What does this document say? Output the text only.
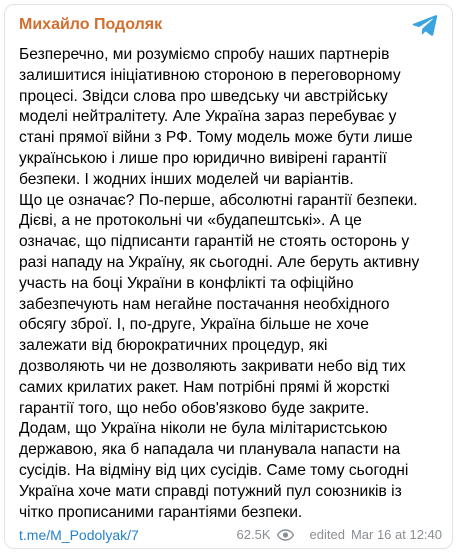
Михайло Подоляк
Безперечно, ми розуміємо спробу наших партнерів
залишитися ініціативною стороною в переговорному
процесі. Звідси слова про шведську чи австрійську
моделі нейтралітету. Але Україна зараз перебуває у
стані прямої війни з РФ. Тому модель може бути лише
українською і лише про юридично вивірені гарантії
безпеки. І жодних інших моделей чи варіантів.
Що це означає? По-перше, абсолютні гарантії безпеки.
Дієві, а не протокольні чи «будапештські». А це
означає, що підписанти гарантій не стоять осторонь у
разі нападу на Україну, як сьогодні. Але беруть активну
участь на боці України в конфлікті та офіційно
забезпечують нам негайне постачання необхідного
обсягу зброї. І, по-друге, Україна більше не хоче
залежати від бюрократичних процедур, які
дозволяють чи не дозволяють закривати небо від тих
самих крилатих ракет. Нам потрібні прямі й жорсткі
гарантії того, що небо обов'язково буде закрите.
Додам, що Україна ніколи не була мілітаристською
державою, яка б нападала чи планувала напасти на
сусідів. На відміну від цих сусідів. Саме тому сьогодні
Україна хоче мати справді потужний пул союзників із
чітко прописаними гарантіями безпеки.
t.me/M_Podolyak/7	62.5K	edited Mar 16 at 12:40
